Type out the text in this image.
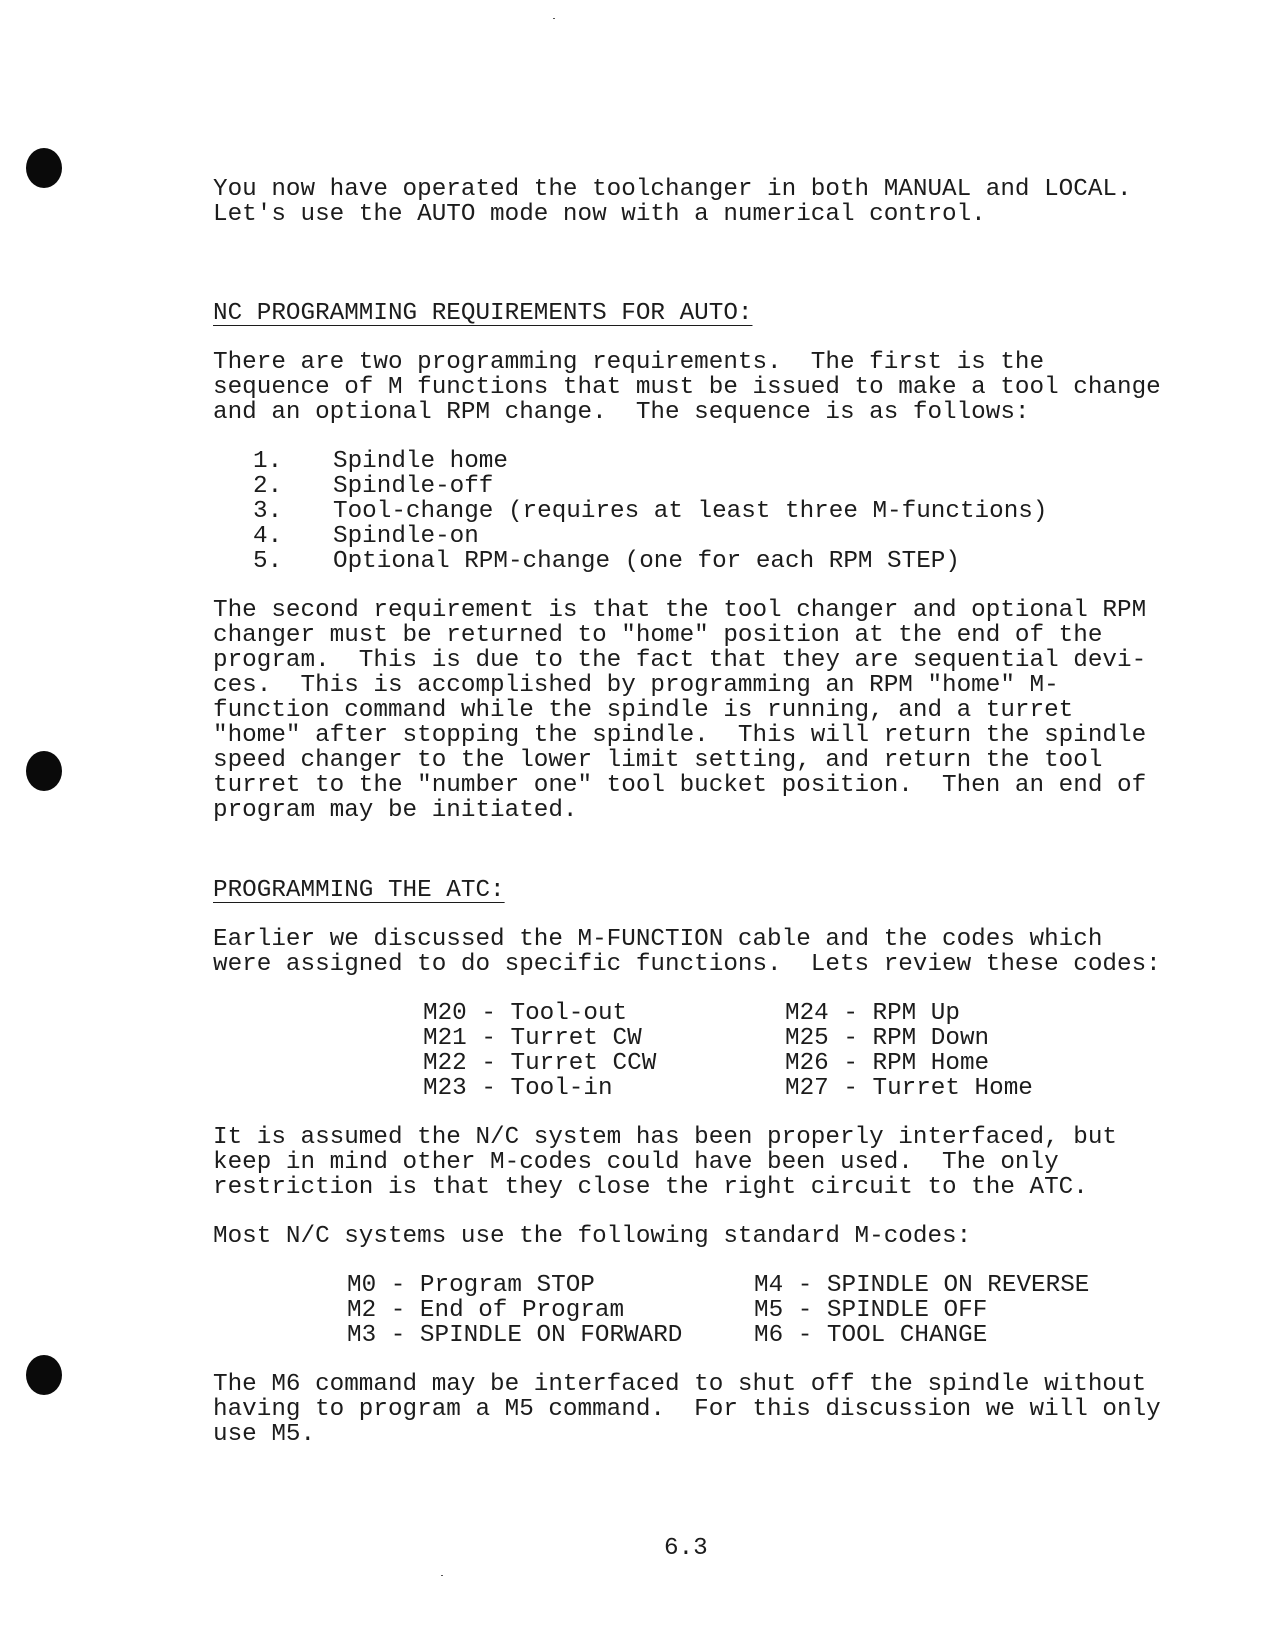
You now have operated the toolchanger in both MANUAL and LOCAL.
Let's use the AUTO mode now with a numerical control.
NC PROGRAMMING REQUIREMENTS FOR AUTO:
There are two programming requirements.  The first is the
sequence of M functions that must be issued to make a tool change
and an optional RPM change.  The sequence is as follows:
1. Spindle home
2. Spindle-off
3. Tool-change (requires at least three M-functions)
4. Spindle-on
5. Optional RPM-change (one for each RPM STEP)
The second requirement is that the tool changer and optional RPM
changer must be returned to "home" position at the end of the
program.  This is due to the fact that they are sequential devi-
ces.  This is accomplished by programming an RPM "home" M-
function command while the spindle is running, and a turret
"home" after stopping the spindle.  This will return the spindle
speed changer to the lower limit setting, and return the tool
turret to the "number one" tool bucket position.  Then an end of
program may be initiated.
PROGRAMMING THE ATC:
Earlier we discussed the M-FUNCTION cable and the codes which
were assigned to do specific functions.  Lets review these codes:
M20 - Tool-out
M21 - Turret CW
M22 - Turret CCW
M23 - Tool-in
M24 - RPM Up
M25 - RPM Down
M26 - RPM Home
M27 - Turret Home
It is assumed the N/C system has been properly interfaced, but
keep in mind other M-codes could have been used.  The only
restriction is that they close the right circuit to the ATC.
Most N/C systems use the following standard M-codes:
M0 - Program STOP
M2 - End of Program
M3 - SPINDLE ON FORWARD
M4 - SPINDLE ON REVERSE
M5 - SPINDLE OFF
M6 - TOOL CHANGE
The M6 command may be interfaced to shut off the spindle without
having to program a M5 command.  For this discussion we will only
use M5.
6.3
